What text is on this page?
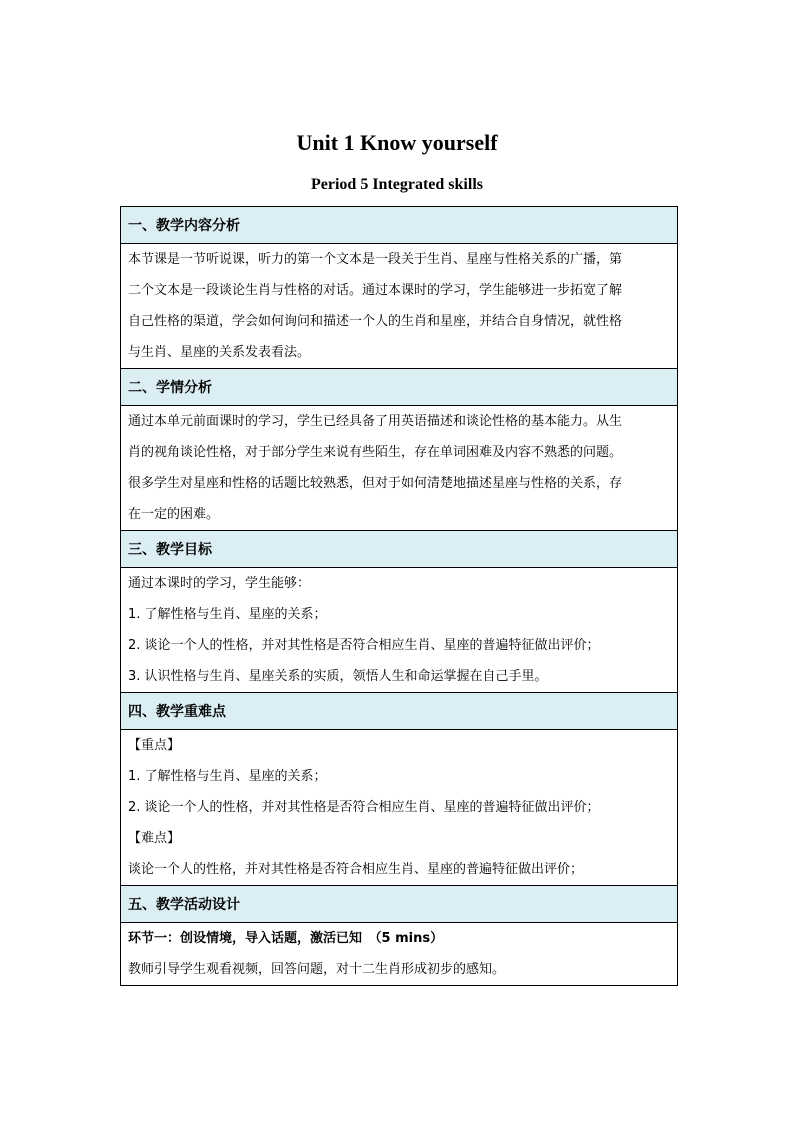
Unit 1 Know yourself
Period 5 Integrated skills
一、教学内容分析

本节课是一节听说课，听力的第一个文本是一段关于生肖、星座与性格关系的广播，第
二个文本是一段谈论生肖与性格的对话。通过本课时的学习，学生能够进一步拓宽了解
自己性格的渠道，学会如何询问和描述一个人的生肖和星座，并结合自身情况，就性格
与生肖、星座的关系发表看法。

二、学情分析

通过本单元前面课时的学习，学生已经具备了用英语描述和谈论性格的基本能力。从生
肖的视角谈论性格，对于部分学生来说有些陌生，存在单词困难及内容不熟悉的问题。
很多学生对星座和性格的话题比较熟悉，但对于如何清楚地描述星座与性格的关系，存
在一定的困难。

三、教学目标

通过本课时的学习，学生能够：
1. 了解性格与生肖、星座的关系；
2. 谈论一个人的性格，并对其性格是否符合相应生肖、星座的普遍特征做出评价；
3. 认识性格与生肖、星座关系的实质，领悟人生和命运掌握在自己手里。

四、教学重难点

【重点】
1. 了解性格与生肖、星座的关系；
2. 谈论一个人的性格，并对其性格是否符合相应生肖、星座的普遍特征做出评价；
【难点】
谈论一个人的性格，并对其性格是否符合相应生肖、星座的普遍特征做出评价；

五、教学活动设计

环节一：创设情境，导入话题，激活已知　（5 mins）
教师引导学生观看视频，回答问题，对十二生肖形成初步的感知。
